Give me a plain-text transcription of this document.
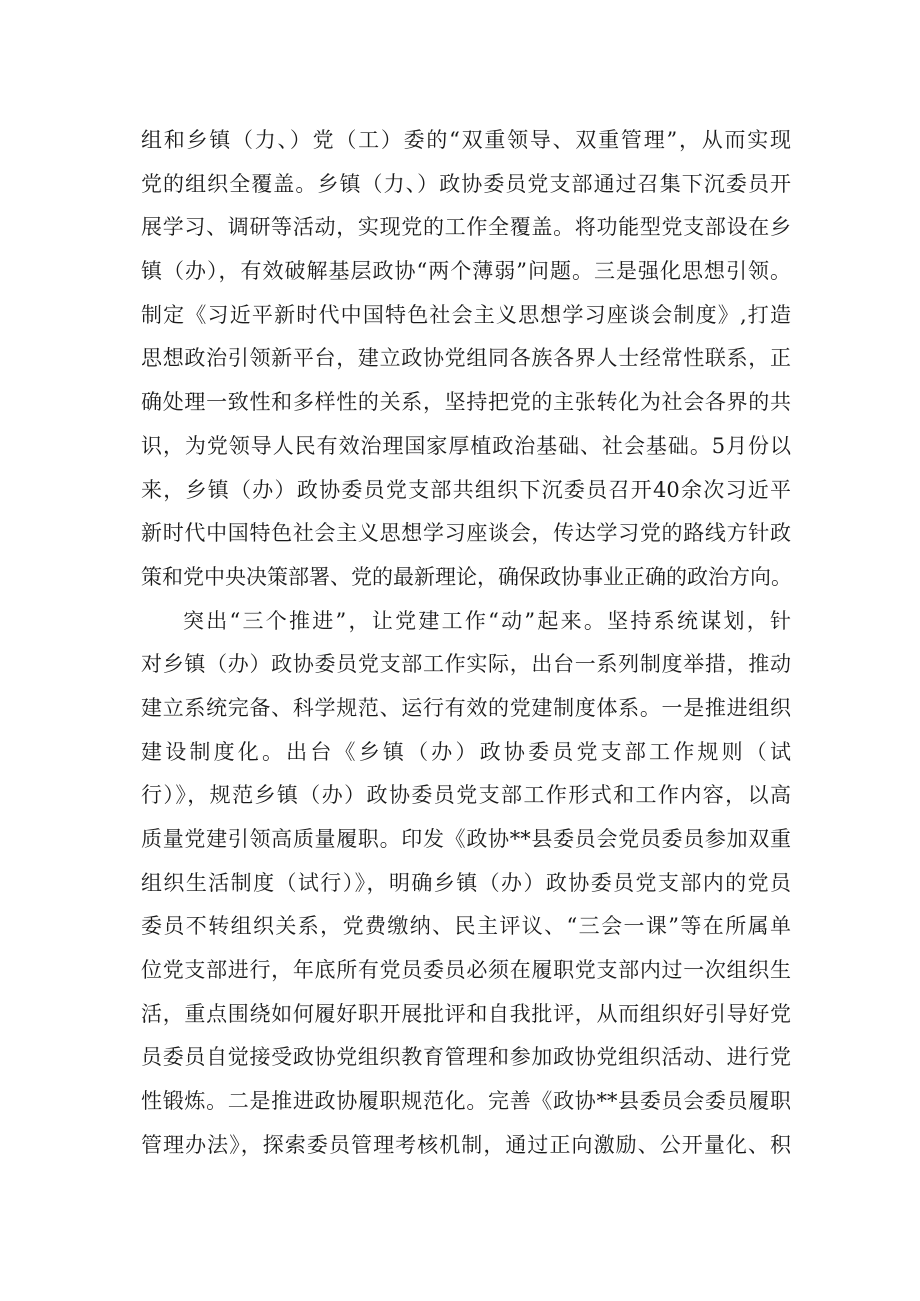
组和乡镇（力、）党（工）委的“双重领导、双重管理”，从而实现
党的组织全覆盖。乡镇（力、）政协委员党支部通过召集下沉委员开
展学习、调研等活动，实现党的工作全覆盖。将功能型党支部设在乡
镇（办），有效破解基层政协“两个薄弱”问题。三是强化思想引领。
制定《习近平新时代中国特色社会主义思想学习座谈会制度》,打造
思想政治引领新平台，建立政协党组同各族各界人士经常性联系，正
确处理一致性和多样性的关系，坚持把党的主张转化为社会各界的共
识，为党领导人民有效治理国家厚植政治基础、社会基础。5月份以
来，乡镇（办）政协委员党支部共组织下沉委员召开40余次习近平
新时代中国特色社会主义思想学习座谈会，传达学习党的路线方针政
策和党中央决策部署、党的最新理论，确保政协事业正确的政治方向。
突出“三个推进”，让党建工作“动”起来。坚持系统谋划，针
对乡镇（办）政协委员党支部工作实际，出台一系列制度举措，推动
建立系统完备、科学规范、运行有效的党建制度体系。一是推进组织
建设制度化。出台《乡镇（办）政协委员党支部工作规则（试
行）》，规范乡镇（办）政协委员党支部工作形式和工作内容，以高
质量党建引领高质量履职。印发《政协**县委员会党员委员参加双重
组织生活制度（试行）》，明确乡镇（办）政协委员党支部内的党员
委员不转组织关系，党费缴纳、民主评议、“三会一课”等在所属单
位党支部进行，年底所有党员委员必须在履职党支部内过一次组织生
活，重点围绕如何履好职开展批评和自我批评，从而组织好引导好党
员委员自觉接受政协党组织教育管理和参加政协党组织活动、进行党
性锻炼。二是推进政协履职规范化。完善《政协**县委员会委员履职
管理办法》，探索委员管理考核机制，通过正向激励、公开量化、积
